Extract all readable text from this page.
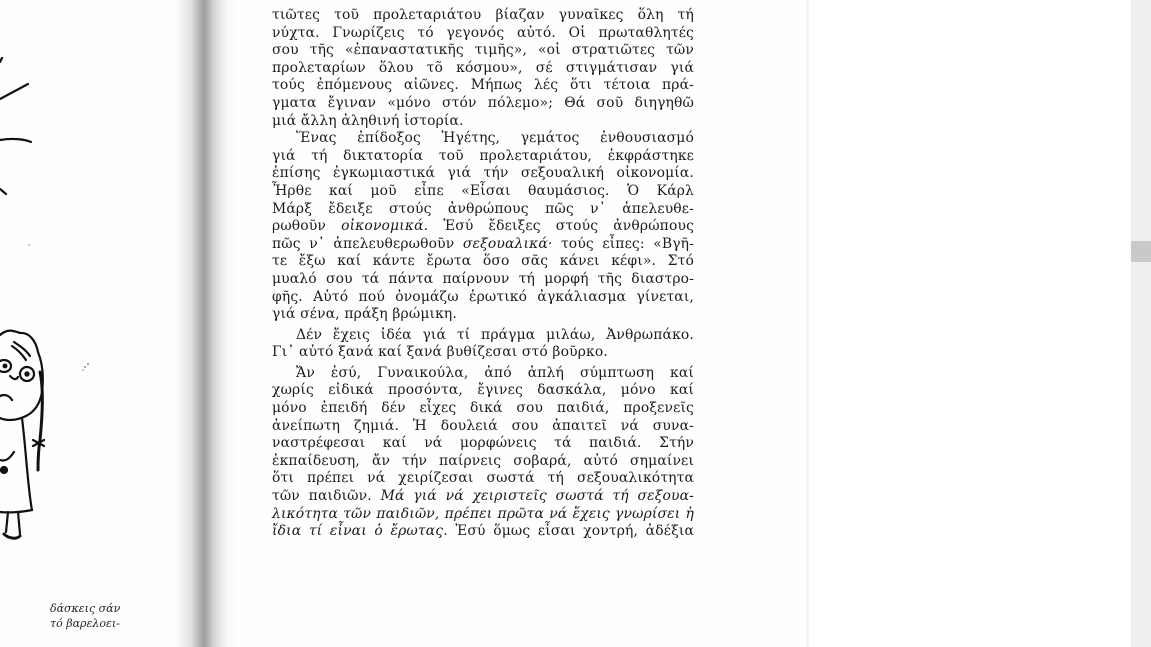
δάσκεις σάν
τό βαρελοει-
τιῶτες τοῦ προλεταριάτου βίαζαν γυναῖκες ὅλη τή
νύχτα. Γνωρίζεις τό γεγονός αὐτό. Οἱ πρωταθλητές
σου τῆς «ἐπαναστατικῆς τιμῆς», «οἱ στρατιῶτες τῶν
προλεταρίων ὅλου τõ κόσμου», σέ στιγμάτισαν γιά
τούς ἐπόμενους αἰῶνες. Μήπως λές ὅτι τέτοια πρά-
γματα ἔγιναν «μόνο στόν πόλεμο»; Θά σοῦ διηγηθῶ
μιά ἄλλη ἀληθινή ἱστορία.
Ἕνας ἐπίδοξος Ἡγέτης, γεμάτος ἐνθουσιασμό
γιά τή δικτατορία τοῦ προλεταριάτου, ἐκφράστηκε
ἐπίσης ἐγκωμιαστικά γιά τήν σεξουαλική οἰκονομία.
Ἦρθε καί μοῦ εἶπε «Εἶσαι θαυμάσιος. Ὁ Κάρλ
Μάρξ ἔδειξε στούς ἀνθρώπους πῶς ν᾽ ἀπελευθε-
ρωθοῦν οἰκονομικά. Ἐσύ ἔδειξες στούς ἀνθρώπους
πῶς ν᾽ ἀπελευθερωθοῦν σεξουαλικά· τούς εἶπες: «Βγῆ-
τε ἔξω καί κάντε ἔρωτα ὅσο σᾶς κάνει κέφι». Στό
μυαλό σου τά πάντα παίρνουν τή μορφή τῆς διαστρο-
φῆς. Αὐτό πού ὀνομάζω ἐρωτικό ἀγκάλιασμα γίνεται,
γιά σένα, πράξη βρώμικη.
Δέν ἔχεις ἰδέα γιά τί πράγμα μιλάω, Ἀνθρωπάκο.
Γι᾽ αὐτό ξανά καί ξανά βυθίζεσαι στό βοῦρκο.
Ἄν ἐσύ, Γυναικούλα, ἀπό ἁπλή σύμπτωση καί
χωρίς εἰδικά προσόντα, ἔγινες δασκάλα, μόνο καί
μόνο ἐπειδή δέν εἶχες δικά σου παιδιά, προξενεῖς
ἀνείπωτη ζημιά. Ἡ δουλειά σου ἀπαιτεῖ νά συνα-
ναστρέφεσαι καί νά μορφώνεις τά παιδιά. Στήν
ἐκπαίδευση, ἄν τήν παίρνεις σοβαρά, αὐτό σημαίνει
ὅτι πρέπει νά χειρίζεσαι σωστά τή σεξουαλικότητα
τῶν παιδιῶν. Μά γιά νά χειριστεῖς σωστά τή σεξουα-
λικότητα τῶν παιδιῶν, πρέπει πρῶτα νά ἔχεις γνωρίσει ἡ
ἴδια τί εἶναι ὁ ἔρωτας. Ἐσύ ὅμως εἶσαι χοντρή, ἀδέξια
